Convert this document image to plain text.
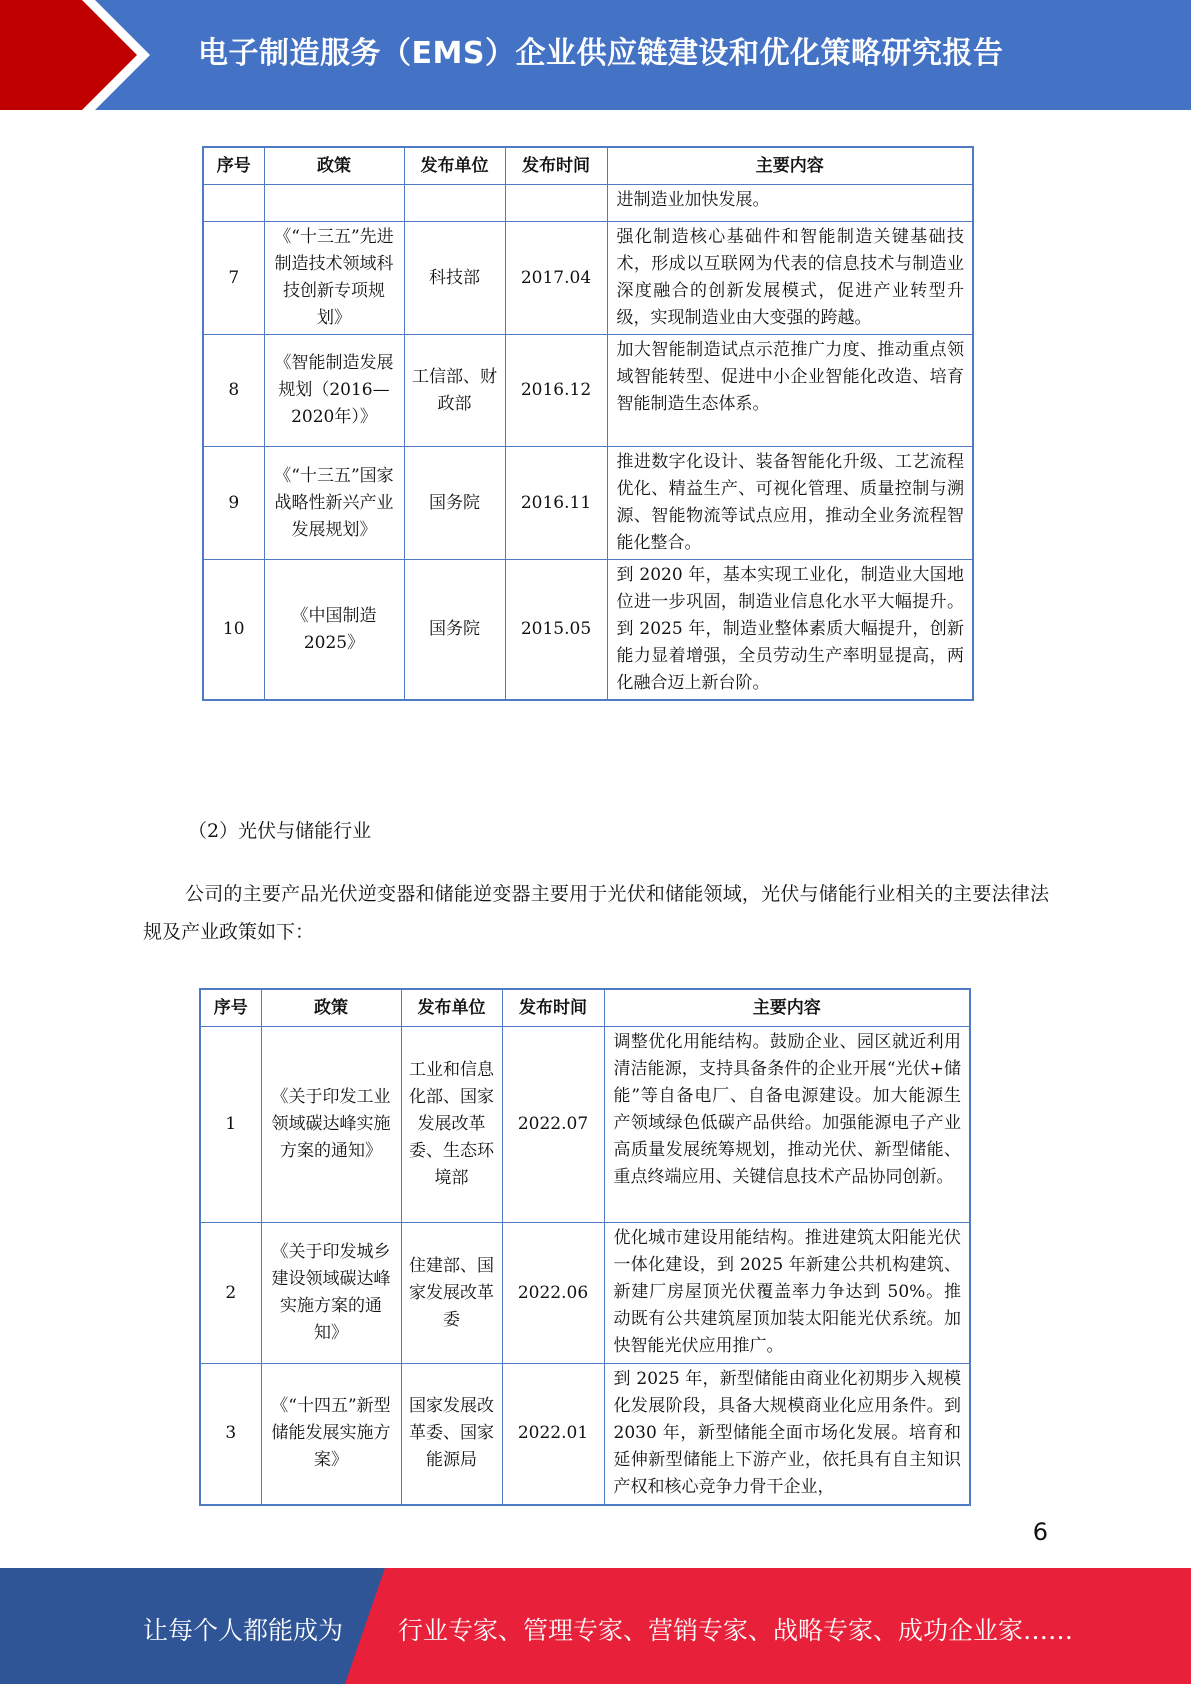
电子制造服务（EMS）企业供应链建设和优化策略研究报告
序号	政策	发布单位	发布时间	主要内容
				进制造业加快发展。
7	《“十三五”先进制造技术领域科技创新专项规划》	科技部	2017.04	强化制造核心基础件和智能制造关键基础技术，形成以互联网为代表的信息技术与制造业深度融合的创新发展模式，促进产业转型升级，实现制造业由大变强的跨越。
8	《智能制造发展规划（2016—2020年）》	工信部、财政部	2016.12	加大智能制造试点示范推广力度、推动重点领域智能转型、促进中小企业智能化改造、培育智能制造生态体系。
9	《“十三五”国家战略性新兴产业发展规划》	国务院	2016.11	推进数字化设计、装备智能化升级、工艺流程优化、精益生产、可视化管理、质量控制与溯源、智能物流等试点应用，推动全业务流程智能化整合。
10	《中国制造2025》	国务院	2015.05	到 2020 年，基本实现工业化，制造业大国地位进一步巩固，制造业信息化水平大幅提升。到 2025 年，制造业整体素质大幅提升，创新能力显着增强，全员劳动生产率明显提高，两化融合迈上新台阶。
（2）光伏与储能行业
公司的主要产品光伏逆变器和储能逆变器主要用于光伏和储能领域，光伏与储能行业相关的主要法律法规及产业政策如下：
序号	政策	发布单位	发布时间	主要内容
1	《关于印发工业领域碳达峰实施方案的通知》	工业和信息化部、国家发展改革委、生态环境部	2022.07	调整优化用能结构。鼓励企业、园区就近利用清洁能源，支持具备条件的企业开展“光伏+储能”等自备电厂、自备电源建设。加大能源生产领域绿色低碳产品供给。加强能源电子产业高质量发展统筹规划，推动光伏、新型储能、重点终端应用、关键信息技术产品协同创新。
2	《关于印发城乡建设领域碳达峰实施方案的通知》	住建部、国家发展改革委	2022.06	优化城市建设用能结构。推进建筑太阳能光伏一体化建设，到 2025 年新建公共机构建筑、新建厂房屋顶光伏覆盖率力争达到 50%。推动既有公共建筑屋顶加装太阳能光伏系统。加快智能光伏应用推广。
3	《“十四五”新型储能发展实施方案》	国家发展改革委、国家能源局	2022.01	到 2025 年，新型储能由商业化初期步入规模化发展阶段，具备大规模商业化应用条件。到 2030 年，新型储能全面市场化发展。培育和延伸新型储能上下游产业，依托具有自主知识产权和核心竞争力骨干企业，
6
让每个人都能成为 行业专家、管理专家、营销专家、战略专家、成功企业家……
